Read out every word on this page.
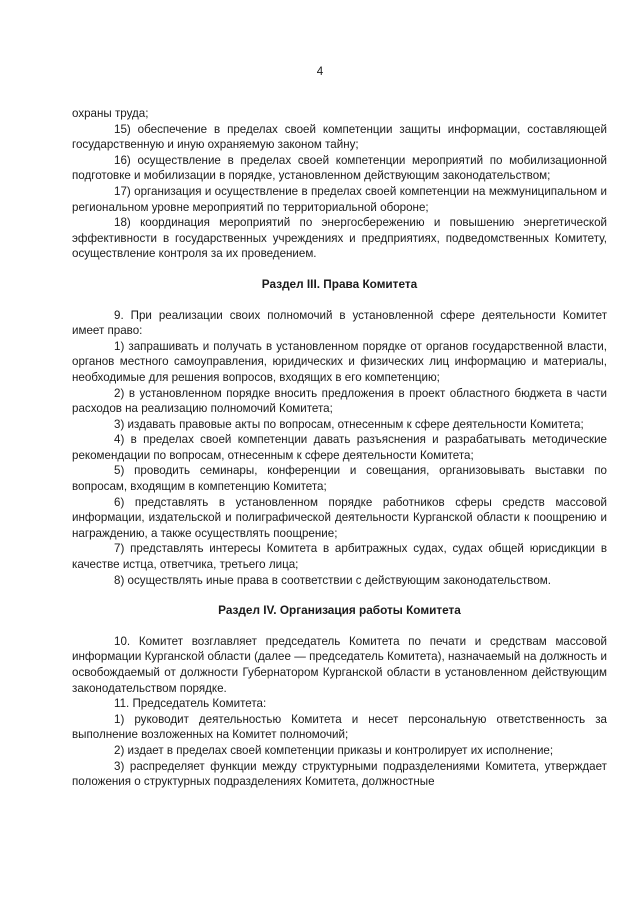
4

охраны труда;

15) обеспечение в пределах своей компетенции защиты информации, составляющей государственную и иную охраняемую законом тайну;

16) осуществление в пределах своей компетенции мероприятий по мобилизационной подготовке и мобилизации в порядке, установленном действующим законодательством;

17) организация и осуществление в пределах своей компетенции на межмуниципальном и региональном уровне мероприятий по территориальной обороне;

18) координация мероприятий по энергосбережению и повышению энергетической эффективности в государственных учреждениях и предприятиях, подведомственных Комитету, осуществление контроля за их проведением.

Раздел III. Права Комитета

9. При реализации своих полномочий в установленной сфере деятельности Комитет имеет право:

1) запрашивать и получать в установленном порядке от органов государственной власти, органов местного самоуправления, юридических и физических лиц информацию и материалы, необходимые для решения вопросов, входящих в его компетенцию;

2) в установленном порядке вносить предложения в проект областного бюджета в части расходов на реализацию полномочий Комитета;

3) издавать правовые акты по вопросам, отнесенным к сфере деятельности Комитета;

4) в пределах своей компетенции давать разъяснения и разрабатывать методические рекомендации по вопросам, отнесенным к сфере деятельности Комитета;

5) проводить семинары, конференции и совещания, организовывать выставки по вопросам, входящим в компетенцию Комитета;

6) представлять в установленном порядке работников сферы средств массовой информации, издательской и полиграфической деятельности Курганской области к поощрению и награждению, а также осуществлять поощрение;

7) представлять интересы Комитета в арбитражных судах, судах общей юрисдикции в качестве истца, ответчика, третьего лица;

8) осуществлять иные права в соответствии с действующим законодательством.

Раздел IV. Организация работы Комитета

10. Комитет возглавляет председатель Комитета по печати и средствам массовой информации Курганской области (далее — председатель Комитета), назначаемый на должность и освобождаемый от должности Губернатором Курганской области в установленном действующим законодательством порядке.

11. Председатель Комитета:

1) руководит деятельностью Комитета и несет персональную ответственность за выполнение возложенных на Комитет полномочий;

2) издает в пределах своей компетенции приказы и контролирует их исполнение;

3) распределяет функции между структурными подразделениями Комитета, утверждает положения о структурных подразделениях Комитета, должностные
